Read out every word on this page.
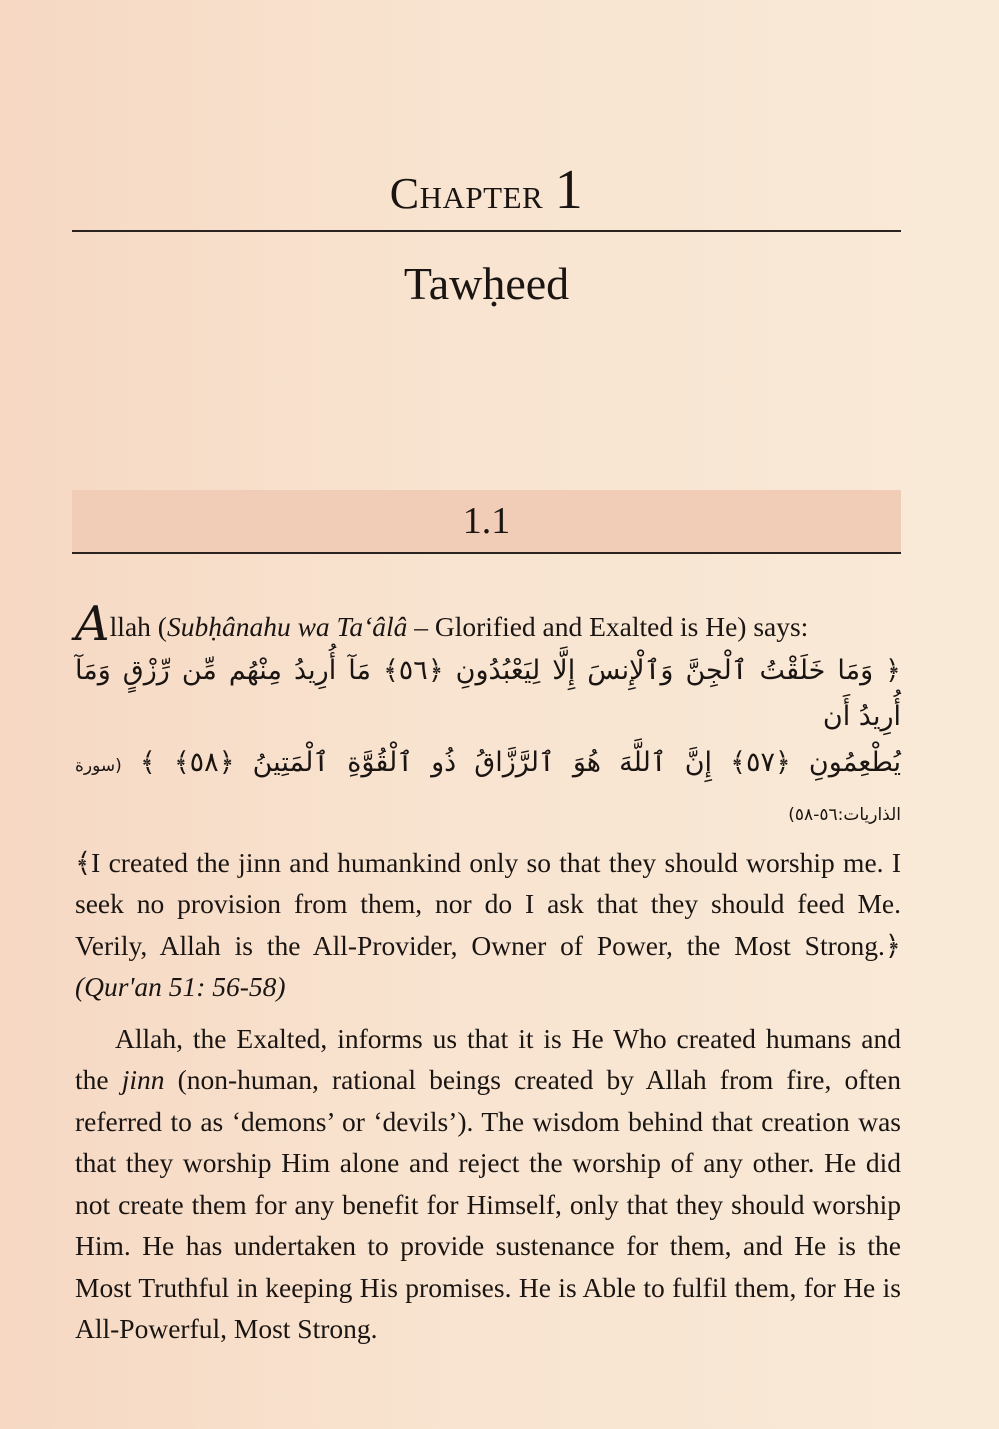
Chapter 1
Tawḥeed
1.1
Allah (Subḥânahu wa Ta‘âlâ – Glorified and Exalted is He) says:
﴿ وَمَا خَلَقْتُ ٱلْجِنَّ وَٱلْإِنسَ إِلَّا لِيَعْبُدُونِ ﴿٥٦﴾ مَآ أُرِيدُ مِنْهُم مِّن رِّزْقٍ وَمَآ أُرِيدُ أَن
يُطْعِمُونِ ﴿٥٧﴾ إِنَّ ٱللَّهَ هُوَ ٱلرَّزَّاقُ ذُو ٱلْقُوَّةِ ٱلْمَتِينُ ﴿٥٨﴾ ﴾ (سورة الذاريات:٥٦-٥٨)
﴾I created the jinn and humankind only so that they should worship me. I seek no provision from them, nor do I ask that they should feed Me. Verily, Allah is the All-Provider, Owner of Power, the Most Strong.﴿ (Qur'an 51: 56-58)
Allah, the Exalted, informs us that it is He Who created humans and the jinn (non-human, rational beings created by Allah from fire, often referred to as ‘demons’ or ‘devils’). The wisdom behind that creation was that they worship Him alone and reject the worship of any other. He did not create them for any benefit for Himself, only that they should worship Him. He has undertaken to provide sustenance for them, and He is the Most Truthful in keeping His promises. He is Able to fulfil them, for He is All-Powerful, Most Strong.
